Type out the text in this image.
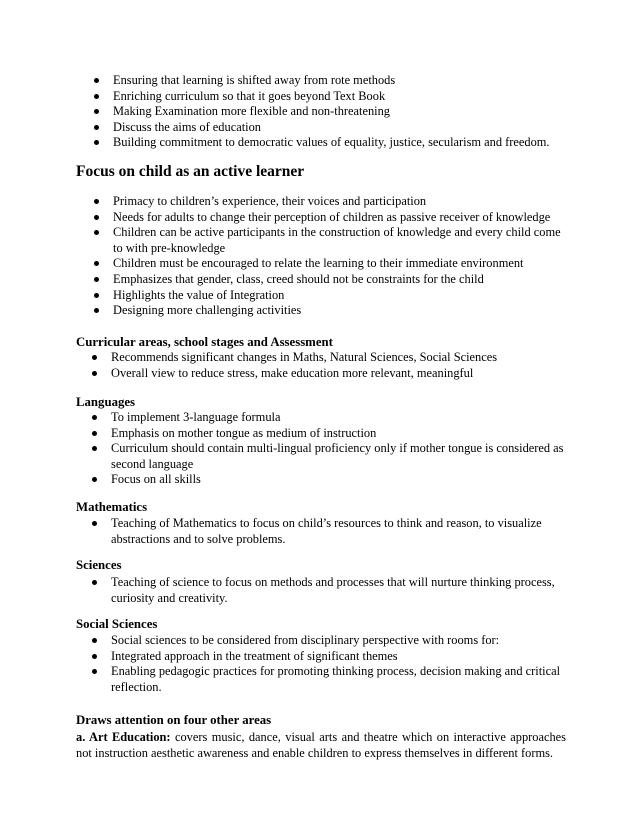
Ensuring that learning is shifted away from rote methods
Enriching curriculum so that it goes beyond Text Book
Making Examination more flexible and non-threatening
Discuss the aims of education
Building commitment to democratic values of equality, justice, secularism and freedom.
Focus on child as an active learner
Primacy to children’s experience, their voices and participation
Needs for adults to change their perception of children as passive receiver of knowledge
Children can be active participants in the construction of knowledge and every child come to with pre-knowledge
Children must be encouraged to relate the learning to their immediate environment
Emphasizes that gender, class, creed should not be constraints for the child
Highlights the value of Integration
Designing more challenging activities
Curricular areas, school stages and Assessment
Recommends significant changes in Maths, Natural Sciences, Social Sciences
Overall view to reduce stress, make education more relevant, meaningful
Languages
To implement 3-language formula
Emphasis on mother tongue as medium of instruction
Curriculum should contain multi-lingual proficiency only if mother tongue is considered as second language
Focus on all skills
Mathematics
Teaching of Mathematics to focus on child’s resources to think and reason, to visualize abstractions and to solve problems.
Sciences
Teaching of science to focus on methods and processes that will nurture thinking process, curiosity and creativity.
Social Sciences
Social sciences to be considered from disciplinary perspective with rooms for:
Integrated approach in the treatment of significant themes
Enabling pedagogic practices for promoting thinking process, decision making and critical reflection.
Draws attention on four other areas
a. Art Education: covers music, dance, visual arts and theatre which on interactive approaches not instruction aesthetic awareness and enable children to express themselves in different forms.
